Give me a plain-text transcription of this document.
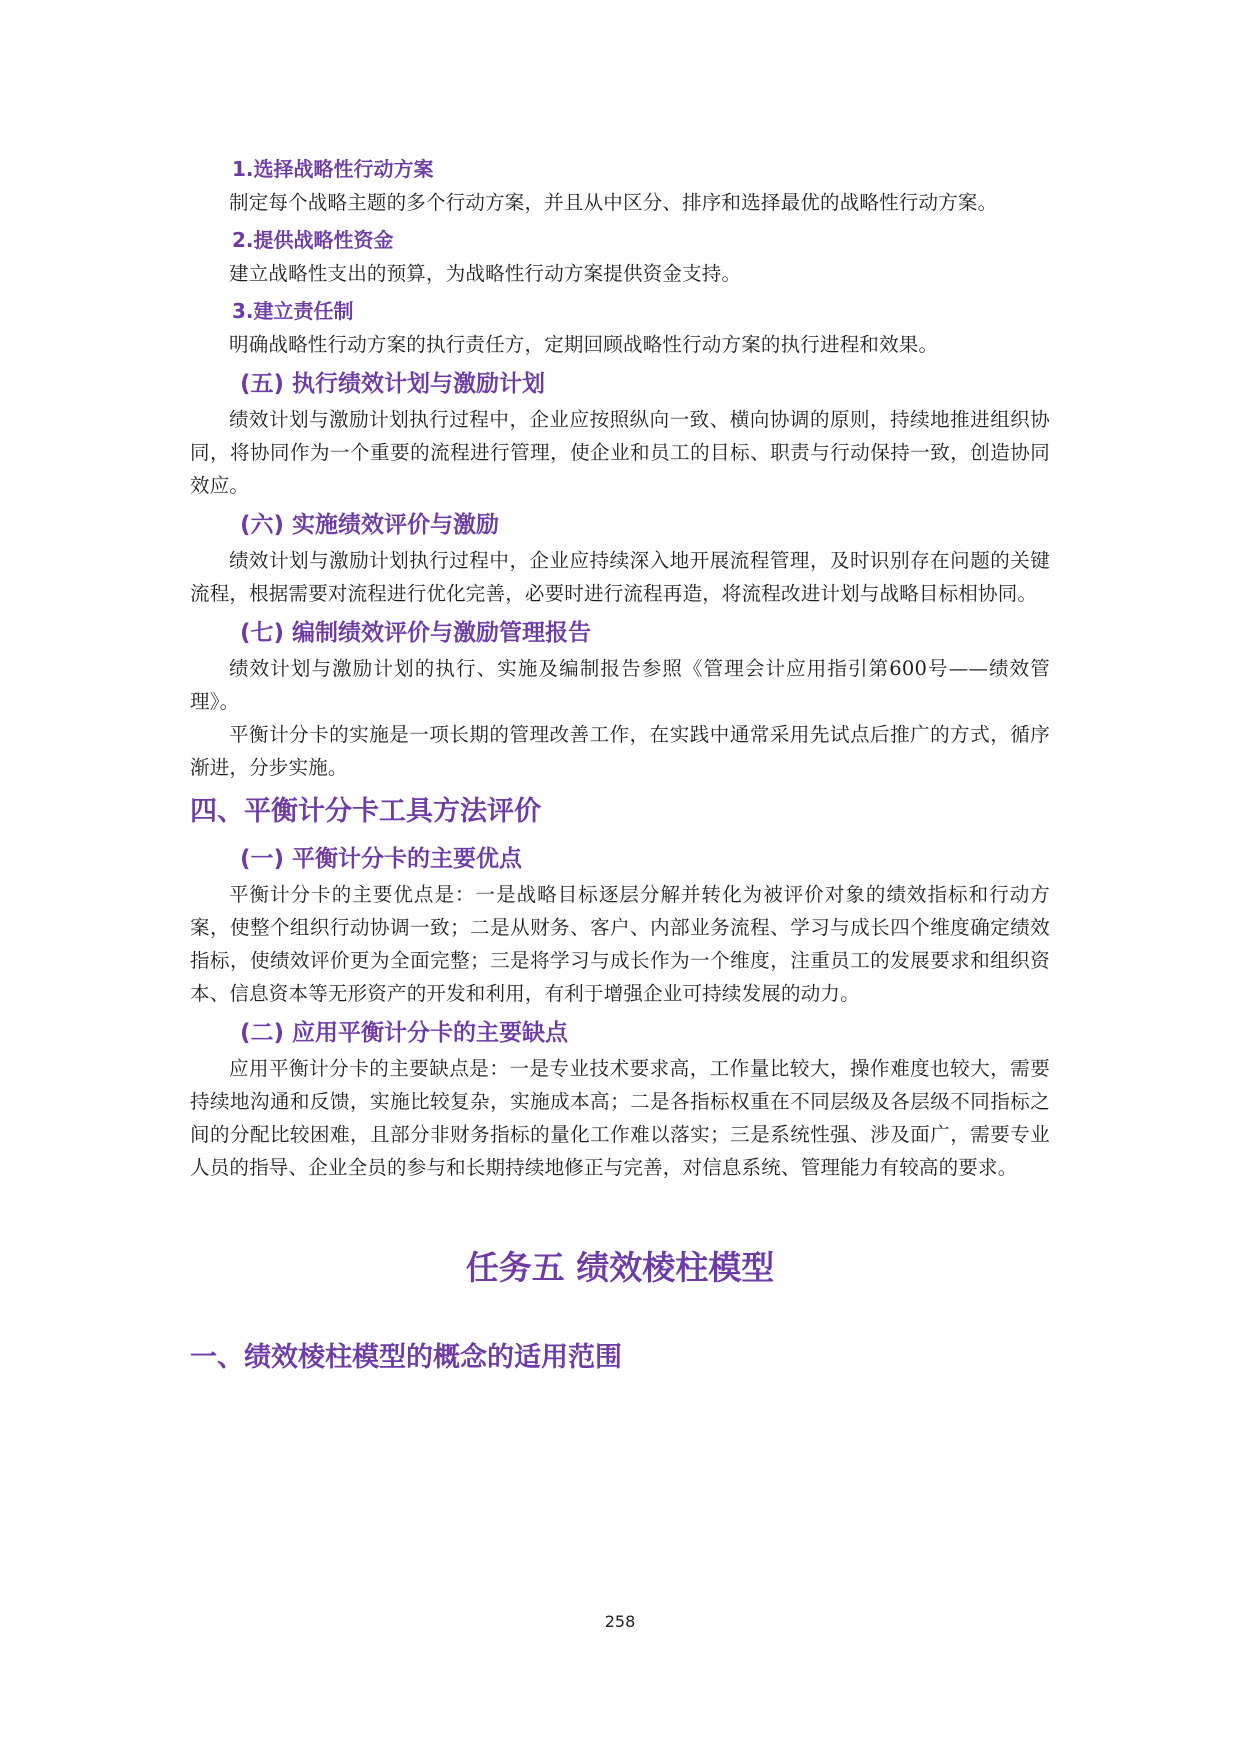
1.选择战略性行动方案

制定每个战略主题的多个行动方案，并且从中区分、排序和选择最优的战略性行动方案。

2.提供战略性资金

建立战略性支出的预算，为战略性行动方案提供资金支持。

3.建立责任制

明确战略性行动方案的执行责任方，定期回顾战略性行动方案的执行进程和效果。

(五) 执行绩效计划与激励计划

绩效计划与激励计划执行过程中，企业应按照纵向一致、横向协调的原则，持续地推进组织协同，将协同作为一个重要的流程进行管理，使企业和员工的目标、职责与行动保持一致，创造协同效应。

(六) 实施绩效评价与激励

绩效计划与激励计划执行过程中，企业应持续深入地开展流程管理，及时识别存在问题的关键流程，根据需要对流程进行优化完善，必要时进行流程再造，将流程改进计划与战略目标相协同。

(七) 编制绩效评价与激励管理报告

绩效计划与激励计划的执行、实施及编制报告参照《管理会计应用指引第600号——绩效管理》。

平衡计分卡的实施是一项长期的管理改善工作，在实践中通常采用先试点后推广的方式，循序渐进，分步实施。

四、平衡计分卡工具方法评价
(一) 平衡计分卡的主要优点

平衡计分卡的主要优点是：一是战略目标逐层分解并转化为被评价对象的绩效指标和行动方案，使整个组织行动协调一致；二是从财务、客户、内部业务流程、学习与成长四个维度确定绩效指标，使绩效评价更为全面完整；三是将学习与成长作为一个维度，注重员工的发展要求和组织资本、信息资本等无形资产的开发和利用，有利于增强企业可持续发展的动力。

(二) 应用平衡计分卡的主要缺点

应用平衡计分卡的主要缺点是：一是专业技术要求高，工作量比较大，操作难度也较大，需要持续地沟通和反馈，实施比较复杂，实施成本高；二是各指标权重在不同层级及各层级不同指标之间的分配比较困难，且部分非财务指标的量化工作难以落实；三是系统性强、涉及面广，需要专业人员的指导、企业全员的参与和长期持续地修正与完善，对信息系统、管理能力有较高的要求。

任务五 绩效棱柱模型
一、绩效棱柱模型的概念的适用范围
258
